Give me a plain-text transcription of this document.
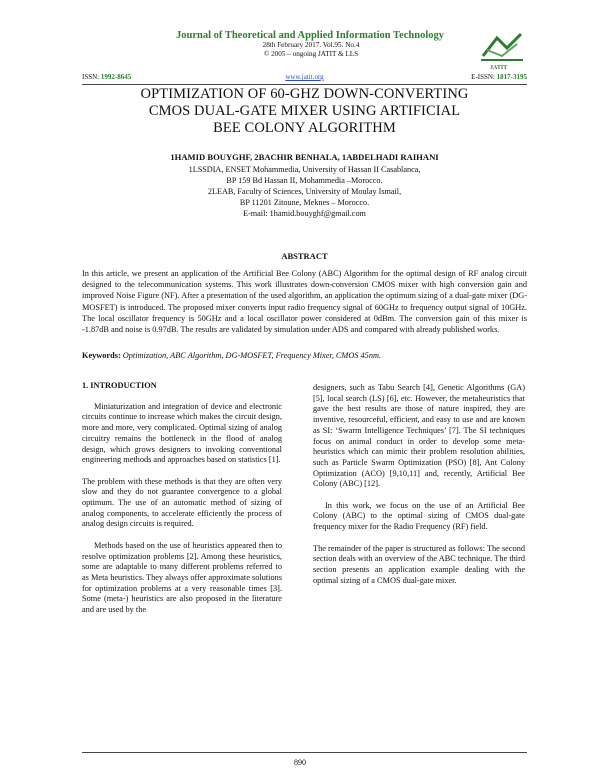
Journal of Theoretical and Applied Information Technology
28th February 2017. Vol.95. No.4
© 2005 – ongoing JATIT & LLS
JATIT
ISSN: 1992-8645	www.jatit.org	E-ISSN: 1817-3195
OPTIMIZATION OF 60-GHZ DOWN-CONVERTING
CMOS DUAL-GATE MIXER USING ARTIFICIAL
BEE COLONY ALGORITHM
1HAMID BOUYGHF, 2BACHIR BENHALA, 1ABDELHADI RAIHANI
1LSSDIA, ENSET Mohammedia, University of Hassan II Casablanca,
BP 159 Bd Hassan II, Mohammedia –Morocco.
2LEAB, Faculty of Sciences, University of Moulay Ismail,
BP 11201 Zitoune, Meknes – Morocco.
E-mail: 1hamid.bouyghf@gmail.com
ABSTRACT

In this article, we present an application of the Artificial Bee Colony (ABC) Algorithm for the optimal design of RF analog circuit designed to the telecommunication systems. This work illustrates down-conversion CMOS mixer with high conversion gain and improved Noise Figure (NF). After a presentation of the used algorithm, an application the optimum sizing of a dual-gate mixer (DG-MOSFET) is introduced. The proposed mixer converts input radio frequency signal of 60GHz to frequency output signal of 10GHz. The local oscillator frequency is 50GHz and a local oscillator power considered at 0dBm. The conversion gain of this mixer is -1.87dB and noise is 0.97dB. The results are validated by simulation under ADS and compared with already published works.

Keywords: Optimization, ABC Algorithm, DG-MOSFET, Frequency Mixer, CMOS 45nm.

1. INTRODUCTION

Miniaturization and integration of device and electronic circuits continue to increase which makes the circuit design, more and more, very complicated. Optimal sizing of analog circuitry remains the bottleneck in the flood of analog design, which grows designers to invoking conventional engineering methods and approaches based on statistics [1].

The problem with these methods is that they are often very slow and they do not guarantee convergence to a global optimum. The use of an automatic method of sizing of analog components, to accelerate efficiently the process of analog design circuits is required.

Methods based on the use of heuristics appeared then to resolve optimization problems [2]. Among these heuristics, some are adaptable to many different problems referred to as Meta heuristics. They always offer approximate solutions for optimization problems at a very reasonable times [3]. Some (meta-) heuristics are also proposed in the literature and are used by the

designers, such as Tabu Search [4], Genetic Algorithms (GA) [5], local search (LS) [6], etc. However, the metaheuristics that gave the best results are those of nature inspired, they are inventive, resourceful, efficient, and easy to use and are known as SI: ‘Swarm Intelligence Techniques’ [7]. The SI techniques focus on animal conduct in order to develop some meta-heuristics which can mimic their problem resolution abilities, such as Particle Swarm Optimization (PSO) [8], Ant Colony Optimization (ACO) [9,10,11] and, recently, Artificial Bee Colony (ABC) [12].

In this work, we focus on the use of an Artificial Bee Colony (ABC) to the optimal sizing of CMOS dual-gate frequency mixer for the Radio Frequency (RF) field.

The remainder of the paper is structured as follows: The second section deals with an overview of the ABC technique. The third section presents an application example dealing with the optimal sizing of a CMOS dual-gate mixer.

890
